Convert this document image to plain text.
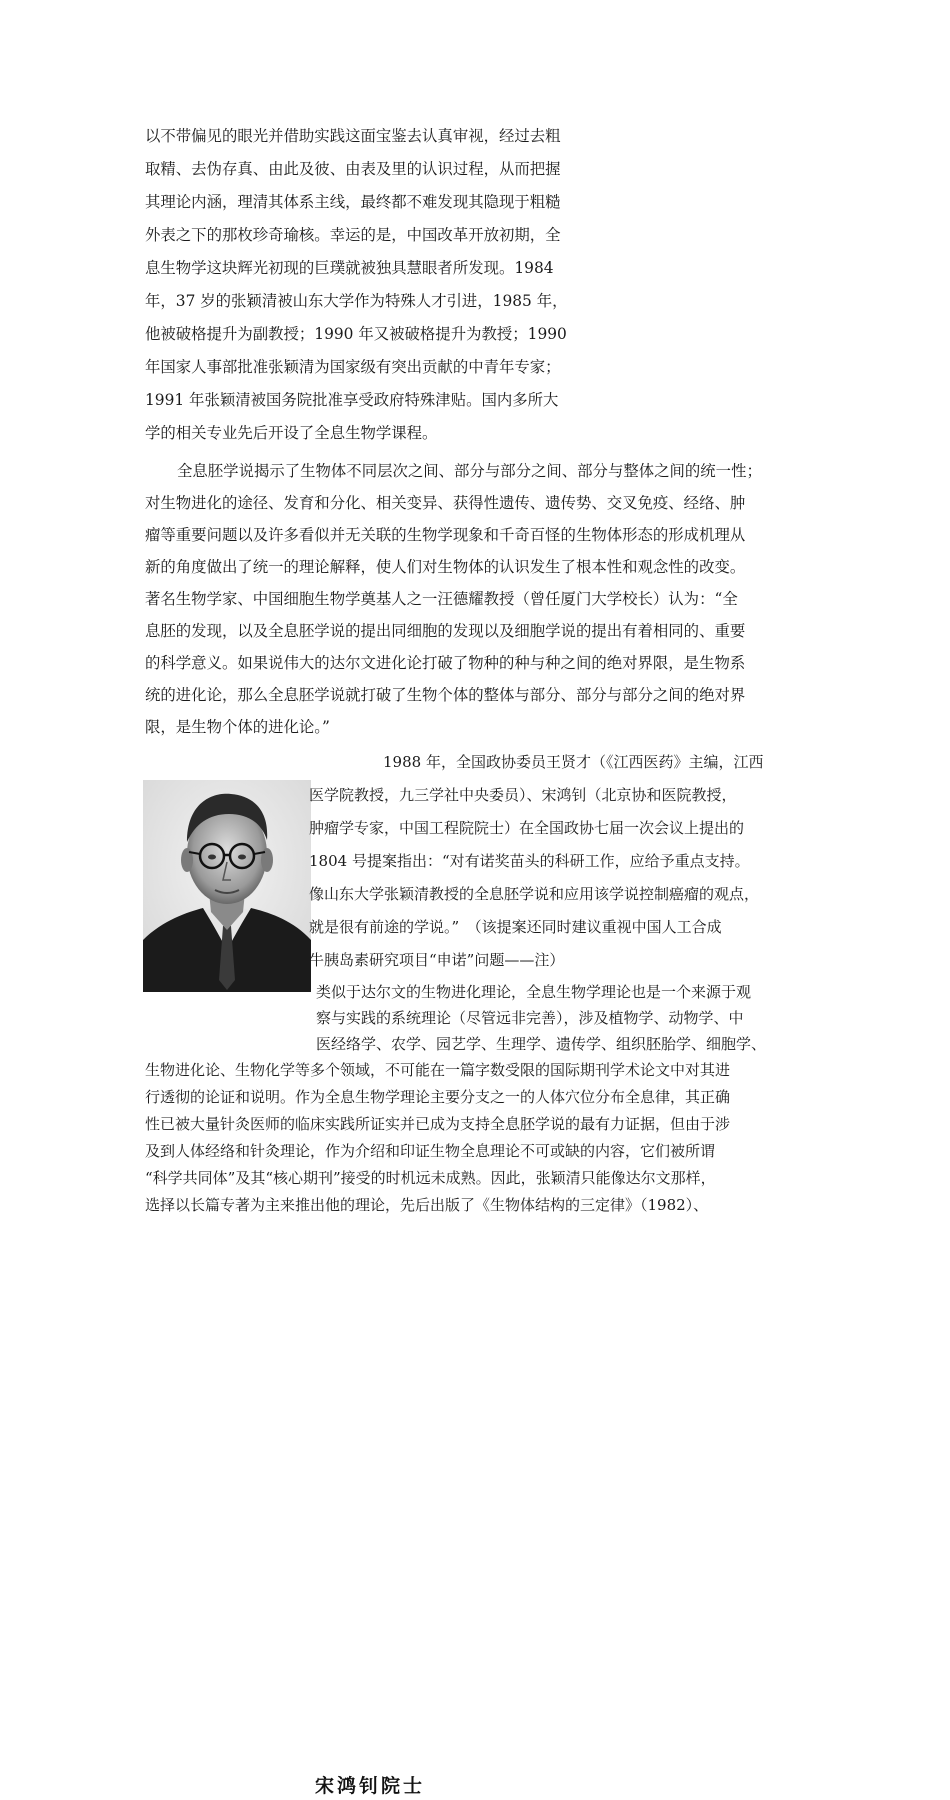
以不带偏见的眼光并借助实践这面宝鉴去认真审视，经过去粗
取精、去伪存真、由此及彼、由表及里的认识过程，从而把握
其理论内涵，理清其体系主线，最终都不难发现其隐现于粗糙
外表之下的那枚珍奇瑜核。幸运的是，中国改革开放初期，全
息生物学这块辉光初现的巨璞就被独具慧眼者所发现。1984
年，37 岁的张颖清被山东大学作为特殊人才引进，1985 年，
他被破格提升为副教授；1990 年又被破格提升为教授；1990
年国家人事部批准张颖清为国家级有突出贡献的中青年专家；
1991 年张颖清被国务院批准享受政府特殊津贴。国内多所大
学的相关专业先后开设了全息生物学课程。
全息胚学说揭示了生物体不同层次之间、部分与部分之间、部分与整体之间的统一性；
对生物进化的途径、发育和分化、相关变异、获得性遗传、遗传势、交叉免疫、经络、肿
瘤等重要问题以及许多看似并无关联的生物学现象和千奇百怪的生物体形态的形成机理从
新的角度做出了统一的理论解释，使人们对生物体的认识发生了根本性和观念性的改变。
著名生物学家、中国细胞生物学奠基人之一汪德耀教授（曾任厦门大学校长）认为：“全
息胚的发现，以及全息胚学说的提出同细胞的发现以及细胞学说的提出有着相同的、重要
的科学意义。如果说伟大的达尔文进化论打破了物种的种与种之间的绝对界限，是生物系
统的进化论，那么全息胚学说就打破了生物个体的整体与部分、部分与部分之间的绝对界
限，是生物个体的进化论。”
宋鸿钊院士
1988 年，全国政协委员王贤才（《江西医药》主编，江西
医学院教授，九三学社中央委员）、宋鸿钊（北京协和医院教授，
肿瘤学专家，中国工程院院士）在全国政协七届一次会议上提出的
1804 号提案指出：“对有诺奖苗头的科研工作，应给予重点支持。
像山东大学张颖清教授的全息胚学说和应用该学说控制癌瘤的观点，
就是很有前途的学说。”　（该提案还同时建议重视中国人工合成
牛胰岛素研究项目“申诺”问题——注）
类似于达尔文的生物进化理论，全息生物学理论也是一个来源于观
察与实践的系统理论（尽管远非完善），涉及植物学、动物学、中
医经络学、农学、园艺学、生理学、遗传学、组织胚胎学、细胞学、
生物进化论、生物化学等多个领域，不可能在一篇字数受限的国际期刊学术论文中对其进
行透彻的论证和说明。作为全息生物学理论主要分支之一的人体穴位分布全息律，其正确
性已被大量针灸医师的临床实践所证实并已成为支持全息胚学说的最有力证据，但由于涉
及到人体经络和针灸理论，作为介绍和印证生物全息理论不可或缺的内容，它们被所谓
“科学共同体”及其“核心期刊”接受的时机远未成熟。因此，张颖清只能像达尔文那样，
选择以长篇专著为主来推出他的理论，先后出版了《生物体结构的三定律》（1982）、
